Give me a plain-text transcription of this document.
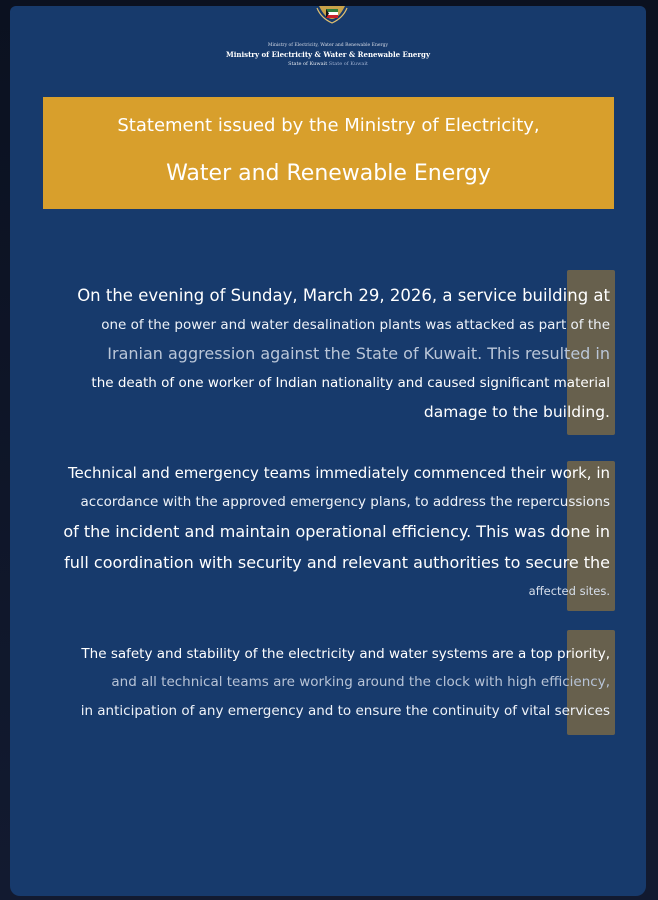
Ministry of Electricity, Water and Renewable Energy
Ministry of Electricity & Water & Renewable Energy
State of Kuwait State of Kuwait
Statement issued by the Ministry of Electricity,
Water and Renewable Energy
On the evening of Sunday, March 29, 2026, a service building at
one of the power and water desalination plants was attacked as part of the
Iranian aggression against the State of Kuwait. This resulted in
the death of one worker of Indian nationality and caused significant material
damage to the building.
Technical and emergency teams immediately commenced their work, in
accordance with the approved emergency plans, to address the repercussions
of the incident and maintain operational efficiency. This was done in
full coordination with security and relevant authorities to secure the
affected sites.
The safety and stability of the electricity and water systems are a top priority,
and all technical teams are working around the clock with high efficiency,
in anticipation of any emergency and to ensure the continuity of vital services
